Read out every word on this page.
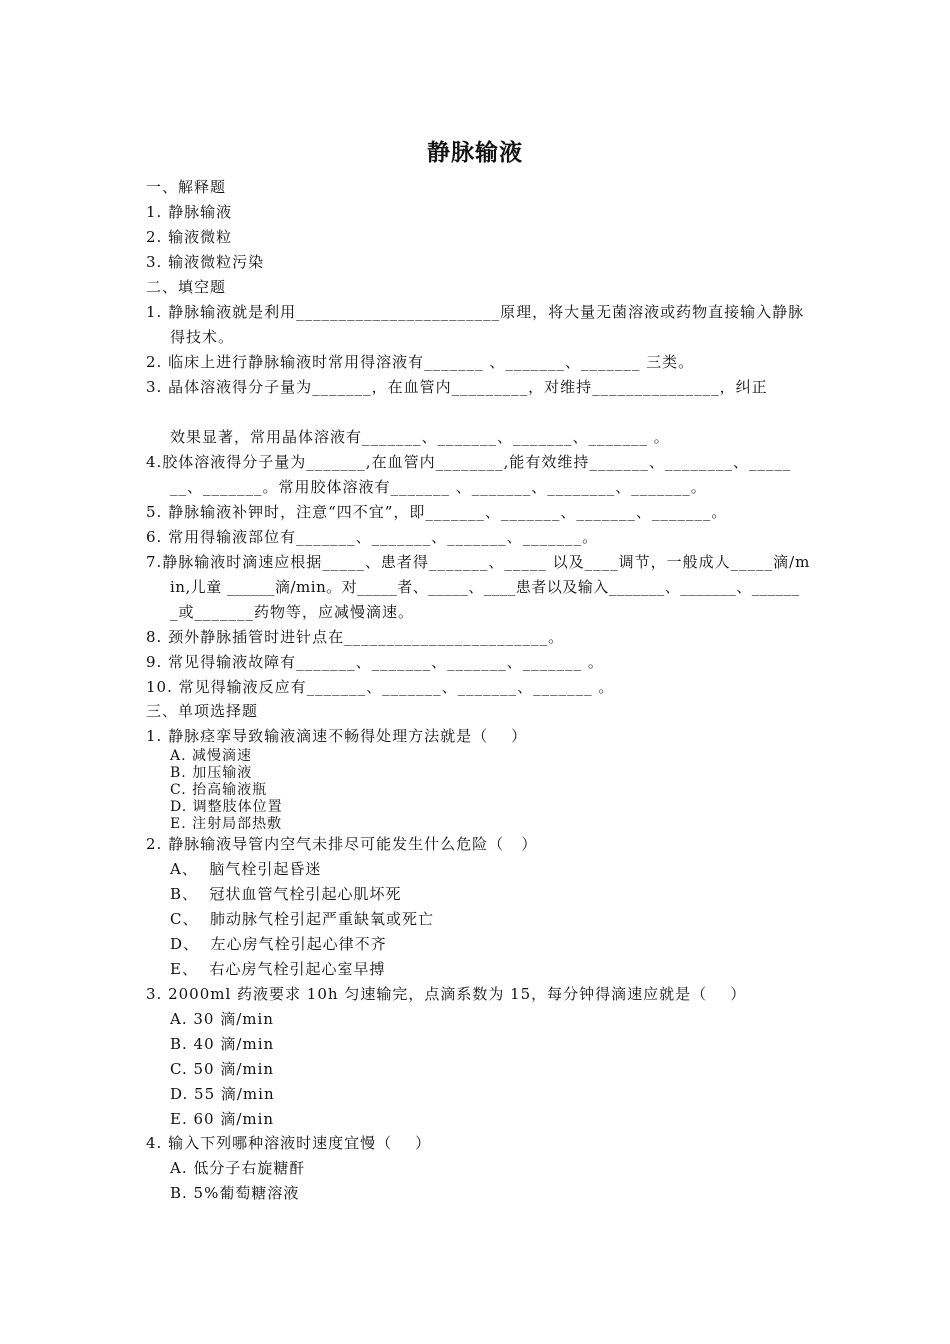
静脉输液
一、解释题
1. 静脉输液
2. 输液微粒
3. 输液微粒污染
二、填空题
1. 静脉输液就是利用________________________原理，将大量无菌溶液或药物直接输入静脉
得技术。
2. 临床上进行静脉输液时常用得溶液有_______ 、_______、_______ 三类。
3. 晶体溶液得分子量为_______，在血管内_________，对维持_______________，纠正
效果显著，常用晶体溶液有_______、_______、_______、_______ 。
4.胶体溶液得分子量为_______,在血管内________,能有效维持_______、________、_____
__、_______。常用胶体溶液有_______ 、_______、________、_______。
5. 静脉输液补钾时，注意“四不宜”，即_______、_______、_______、_______。
6. 常用得输液部位有_______、_______、_______、_______。
7.静脉输液时滴速应根据_____、患者得_______、_____ 以及____调节，一般成人_____滴/m
in,儿童 ______滴/min。对_____者、_____、____患者以及输入_______、_______、______
_或_______药物等，应减慢滴速。
8. 颈外静脉插管时进针点在________________________。
9. 常见得输液故障有_______、_______、_______、_______ 。
10. 常见得输液反应有_______、_______、_______、_______ 。
三、单项选择题
1. 静脉痉挛导致输液滴速不畅得处理方法就是（    ）
A. 减慢滴速
B. 加压输液
C. 抬高输液瓶
D. 调整肢体位置
E. 注射局部热敷
2. 静脉输液导管内空气未排尽可能发生什么危险（   ）
A、  脑气栓引起昏迷
B、  冠状血管气栓引起心肌坏死
C、  肺动脉气栓引起严重缺氧或死亡
D、  左心房气栓引起心律不齐
E、  右心房气栓引起心室早搏
3. 2000ml 药液要求 10h 匀速输完，点滴系数为 15，每分钟得滴速应就是（    ）
A. 30 滴/min
B. 40 滴/min
C. 50 滴/min
D. 55 滴/min
E. 60 滴/min
4. 输入下列哪种溶液时速度宜慢（    ）
A. 低分子右旋糖酐
B. 5%葡萄糖溶液
